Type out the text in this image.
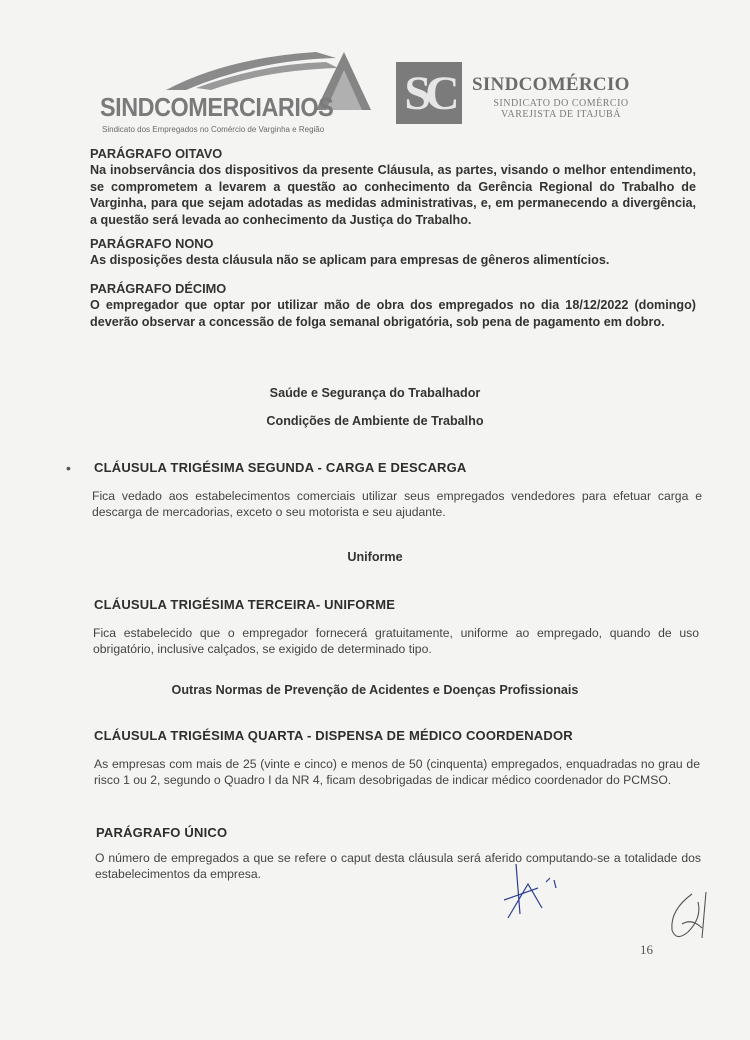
SINDCOMERCIARIOS
Sindicato dos Empregados no Comércio de Varginha e Região
SC SINDCOMÉRCIO
SINDICATO DO COMÉRCIO
VAREJISTA DE ITAJUBÁ
PARÁGRAFO OITAVO
Na inobservância dos dispositivos da presente Cláusula, as partes, visando o melhor entendimento, se comprometem a levarem a questão ao conhecimento da Gerência Regional do Trabalho de Varginha, para que sejam adotadas as medidas administrativas, e, em permanecendo a divergência, a questão será levada ao conhecimento da Justiça do Trabalho.
PARÁGRAFO NONO
As disposições desta cláusula não se aplicam para empresas de gêneros alimentícios.
PARÁGRAFO DÉCIMO
O empregador que optar por utilizar mão de obra dos empregados no dia 18/12/2022 (domingo) deverão observar a concessão de folga semanal obrigatória, sob pena de pagamento em dobro.
Saúde e Segurança do Trabalhador
Condições de Ambiente de Trabalho
• CLÁUSULA TRIGÉSIMA SEGUNDA - CARGA E DESCARGA
Fica vedado aos estabelecimentos comerciais utilizar seus empregados vendedores para efetuar carga e descarga de mercadorias, exceto o seu motorista e seu ajudante.
Uniforme
CLÁUSULA TRIGÉSIMA TERCEIRA- UNIFORME
Fica estabelecido que o empregador fornecerá gratuitamente, uniforme ao empregado, quando de uso obrigatório, inclusive calçados, se exigido de determinado tipo.
Outras Normas de Prevenção de Acidentes e Doenças Profissionais
CLÁUSULA TRIGÉSIMA QUARTA - DISPENSA DE MÉDICO COORDENADOR
As empresas com mais de 25 (vinte e cinco) e menos de 50 (cinquenta) empregados, enquadradas no grau de risco 1 ou 2, segundo o Quadro I da NR 4, ficam desobrigadas de indicar médico coordenador do PCMSO.
PARÁGRAFO ÚNICO
O número de empregados a que se refere o caput desta cláusula será aferido computando-se a totalidade dos estabelecimentos da empresa.
16
